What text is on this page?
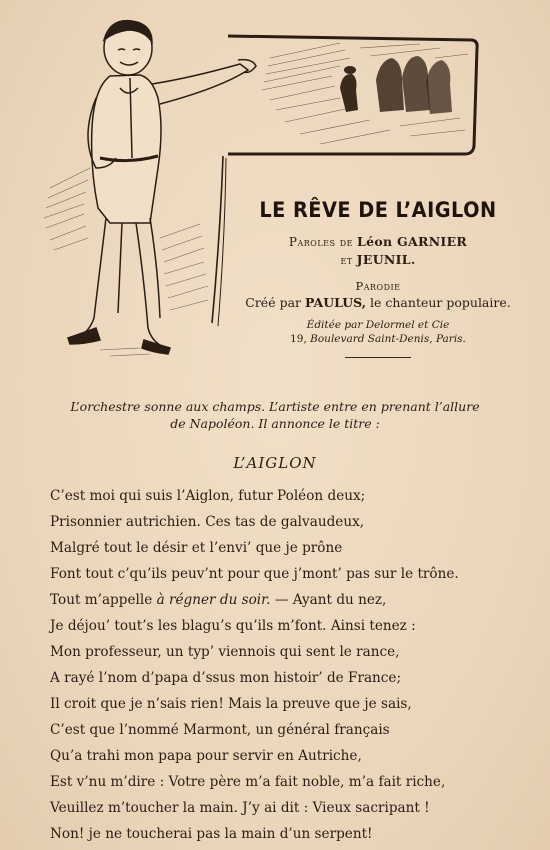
LE RÊVE DE L’AIGLON
Paroles de Léon GARNIER
et JEUNIL.
Parodie
Créé par PAULUS, le chanteur populaire.
Éditée par Delormel et Cie
19, Boulevard Saint-Denis, Paris.
L’orchestre sonne aux champs. L’artiste entre en prenant l’allure
de Napoléon. Il annonce le titre :
L’AIGLON
C’est moi qui suis l’Aiglon, futur Poléon deux;
Prisonnier autrichien. Ces tas de galvaudeux,
Malgré tout le désir et l’envi’ que je prône
Font tout c’qu’ils peuv’nt pour que j’mont’ pas sur le trône.
Tout m’appelle à régner du soir. — Ayant du nez,
Je déjou’ tout’s les blagu’s qu’ils m’font. Ainsi tenez :
Mon professeur, un typ’ viennois qui sent le rance,
A rayé l’nom d’papa d’ssus mon histoir’ de France;
Il croit que je n’sais rien! Mais la preuve que je sais,
C’est que l’nommé Marmont, un général français
Qu’a trahi mon papa pour servir en Autriche,
Est v’nu m’dire : Votre père m’a fait noble, m’a fait riche,
Veuillez m’toucher la main. J’y ai dit : Vieux sacripant !
Non! je ne toucherai pas la main d’un serpent!
